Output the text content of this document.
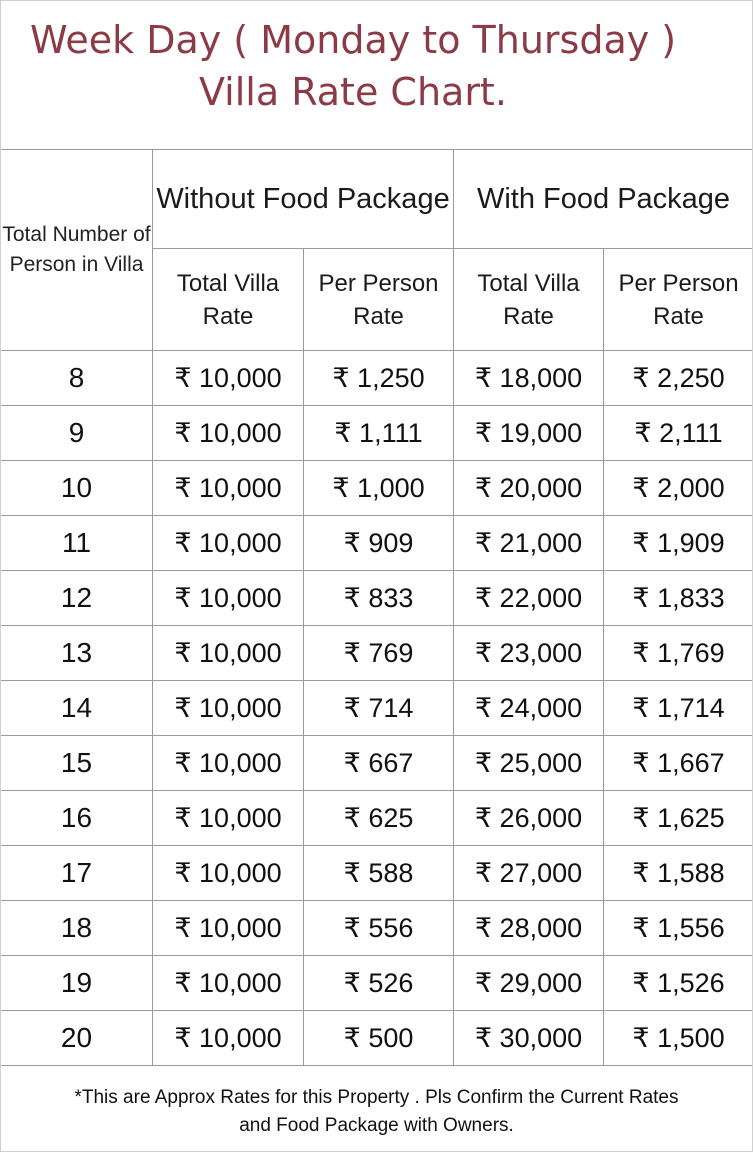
Week Day ( Monday to Thursday )
Villa Rate Chart.
Total Number of Person in Villa	Without Food Package		With Food Package	
	Total Villa Rate	Per Person Rate	Total Villa Rate	Per Person Rate
8	₹ 10,000	₹ 1,250	₹ 18,000	₹ 2,250
9	₹ 10,000	₹ 1,111	₹ 19,000	₹ 2,111
10	₹ 10,000	₹ 1,000	₹ 20,000	₹ 2,000
11	₹ 10,000	₹ 909	₹ 21,000	₹ 1,909
12	₹ 10,000	₹ 833	₹ 22,000	₹ 1,833
13	₹ 10,000	₹ 769	₹ 23,000	₹ 1,769
14	₹ 10,000	₹ 714	₹ 24,000	₹ 1,714
15	₹ 10,000	₹ 667	₹ 25,000	₹ 1,667
16	₹ 10,000	₹ 625	₹ 26,000	₹ 1,625
17	₹ 10,000	₹ 588	₹ 27,000	₹ 1,588
18	₹ 10,000	₹ 556	₹ 28,000	₹ 1,556
19	₹ 10,000	₹ 526	₹ 29,000	₹ 1,526
20	₹ 10,000	₹ 500	₹ 30,000	₹ 1,500
*This are Approx Rates for this Property . Pls Confirm the Current Rates
and Food Package with Owners.
